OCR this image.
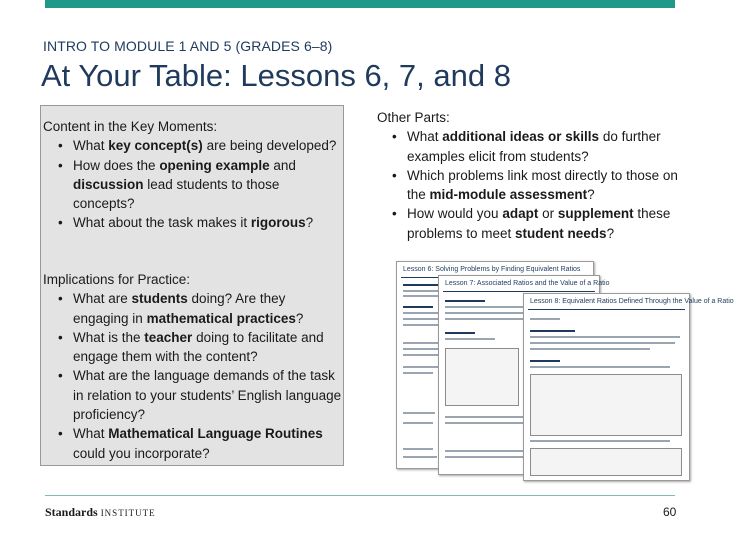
INTRO TO MODULE 1 AND 5 (GRADES 6–8)
At Your Table: Lessons 6, 7, and 8

Content in the Key Moments:

• What key concept(s) are being developed?
• How does the opening example and discussion lead students to those concepts?
• What about the task makes it rigorous?

Implications for Practice:

• What are students doing? Are they engaging in mathematical practices?
• What is the teacher doing to facilitate and engage them with the content?
• What are the language demands of the task in relation to your students’ English language proficiency?
• What Mathematical Language Routines could you incorporate?

Other Parts:

• What additional ideas or skills do further examples elicit from students?
• Which problems link most directly to those on the mid-module assessment?
• How would you adapt or supplement these problems to meet student needs?
Lesson 6: Solving Problems by Finding Equivalent Ratios
Lesson 7: Associated Ratios and the Value of a Ratio
Lesson 8: Equivalent Ratios Defined Through the Value of a Ratio
Standards INSTITUTE	60
